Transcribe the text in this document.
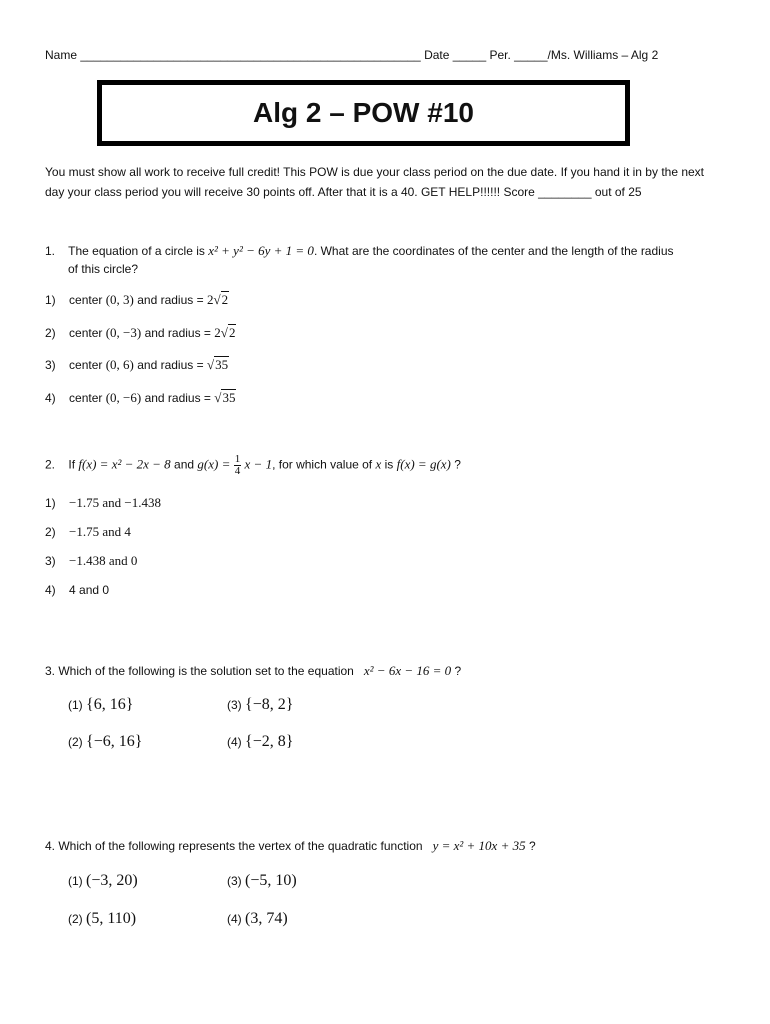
Name ___________________________________________________ Date _____ Per. _____/Ms. Williams – Alg 2
Alg 2 – POW #10
You must show all work to receive full credit! This POW is due your class period on the due date. If you hand it in by the next day your class period you will receive 30 points off. After that it is a 40. GET HELP!!!!!! Score ________ out of 25
1. The equation of a circle is x² + y² − 6y + 1 = 0. What are the coordinates of the center and the length of the radius
of this circle?
1) center (0, 3) and radius = 2√2
2) center (0, −3) and radius = 2√2
3) center (0, 6) and radius = √35
4) center (0, −6) and radius = √35
2. If f(x) = x² − 2x − 8 and $g(x) = \frac{1}{4}$ x − 1, for which value of x is f(x) = g(x) ?
1) −1.75 and −1.438
2) −1.75 and 4
3) −1.438 and 0
4) 4 and 0
3. Which of the following is the solution set to the equation x² − 6x − 16 = 0 ?
(1) {6, 16}	(3) {−8, 2}
(2) {−6, 16}	(4) {−2, 8}
4. Which of the following represents the vertex of the quadratic function y = x² + 10x + 35 ?
(1) (−3, 20)	(3) (−5, 10)
(2) (5, 110)	(4) (3, 74)
